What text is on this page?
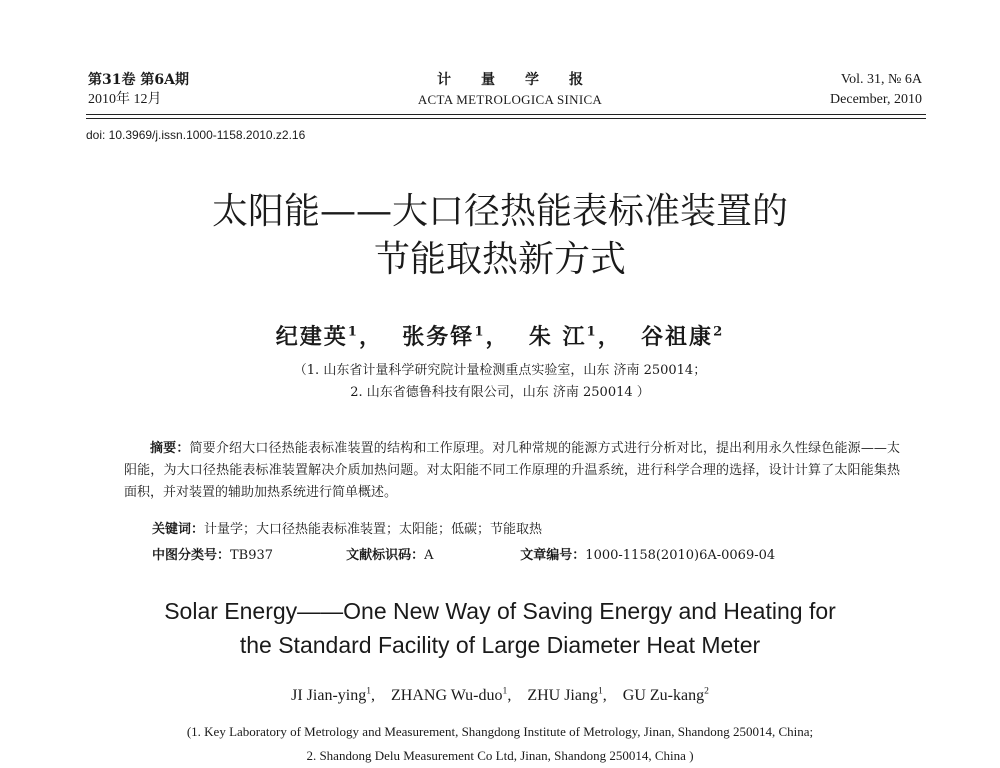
第31卷 第6A期
2010年 12月
计量学报
ACTA METROLOGICA SINICA
Vol. 31, № 6A
December, 2010
doi: 10.3969/j.issn.1000-1158.2010.z2.16
太阳能——大口径热能表标准装置的
节能取热新方式
纪建英$^1$，  张务铎$^1$，  朱 江$^1$，  谷祖康$^2$
（1. 山东省计量科学研究院计量检测重点实验室，山东 济南 250014；
2. 山东省德鲁科技有限公司，山东 济南 250014 ）
摘要：简要介绍大口径热能表标准装置的结构和工作原理。对几种常规的能源方式进行分析对比，提出利用永久性绿色能源——太阳能，为大口径热能表标准装置解决介质加热问题。对太阳能不同工作原理的升温系统，进行科学合理的选择，设计计算了太阳能集热面积，并对装置的辅助加热系统进行简单概述。
关键词：计量学；大口径热能表标准装置；太阳能；低碳；节能取热
中图分类号：TB937	文献标识码：A	文章编号：1000-1158(2010)6A-0069-04
Solar Energy——One New Way of Saving Energy and Heating for
the Standard Facility of Large Diameter Heat Meter
JI Jian-ying$^1$,    ZHANG Wu-duo$^1$,    ZHU Jiang$^1$,    GU Zu-kang$^2$
(1. Key Laboratory of Metrology and Measurement, Shangdong Institute of Metrology, Jinan, Shandong 250014, China;
2. Shandong Delu Measurement Co Ltd, Jinan, Shandong 250014, China )
